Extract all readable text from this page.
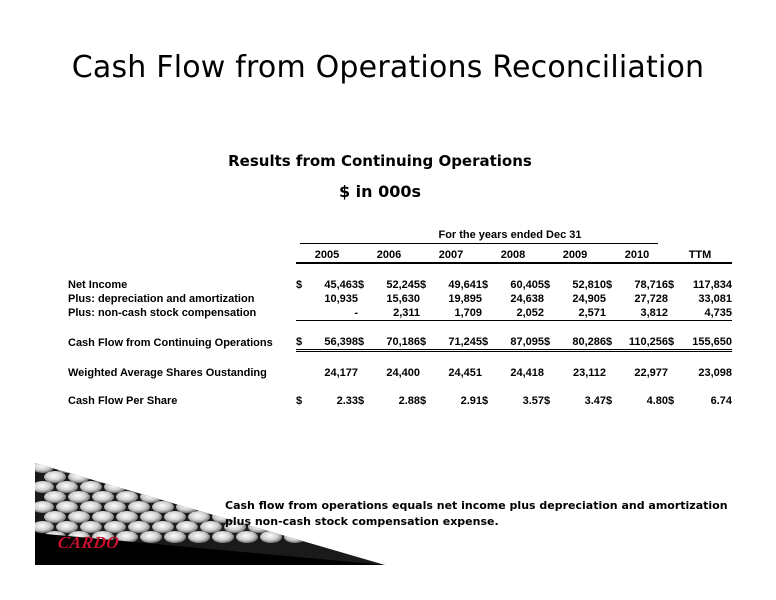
Cash Flow from Operations Reconciliation
Results from Continuing Operations
$ in 000s
For the years ended Dec 31
	2005		2006		2007		2008		2009		2010		TTM	

Net Income	$	45,463	$	52,245	$	49,641	$	60,405	$	52,810	$	78,716	$	117,834
Plus: depreciation and amortization		10,935		15,630		19,895		24,638		24,905		27,728		33,081
Plus: non-cash stock compensation		-		2,311		1,709		2,052		2,571		3,812		4,735

Cash Flow from Continuing Operations	$	56,398	$	70,186	$	71,245	$	87,095	$	80,286	$	110,256	$	155,650

Weighted Average Shares Oustanding		24,177		24,400		24,451		24,418		23,112		22,977		23,098

Cash Flow Per Share	$	2.33	$	2.88	$	2.91	$	3.57	$	3.47	$	4.80	$	6.74
CARDO
Cash flow from operations equals net income plus depreciation and amortization plus non-cash stock compensation expense.
